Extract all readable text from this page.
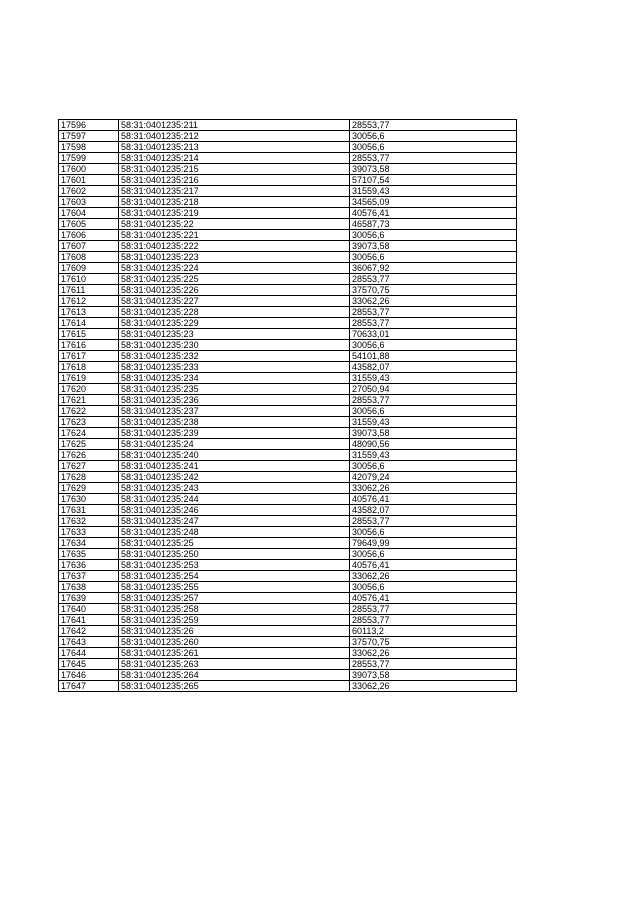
17596	58:31:0401235:211	28553,77
17597	58:31:0401235:212	30056,6
17598	58:31:0401235:213	30056,6
17599	58:31:0401235:214	28553,77
17600	58:31:0401235:215	39073,58
17601	58:31:0401235:216	57107,54
17602	58:31:0401235:217	31559,43
17603	58:31:0401235:218	34565,09
17604	58:31:0401235:219	40576,41
17605	58:31:0401235:22	46587,73
17606	58:31:0401235:221	30056,6
17607	58:31:0401235:222	39073,58
17608	58:31:0401235:223	30056,6
17609	58:31:0401235:224	36067,92
17610	58:31:0401235:225	28553,77
17611	58:31:0401235:226	37570,75
17612	58:31:0401235:227	33062,26
17613	58:31:0401235:228	28553,77
17614	58:31:0401235:229	28553,77
17615	58:31:0401235:23	70633,01
17616	58:31:0401235:230	30056,6
17617	58:31:0401235:232	54101,88
17618	58:31:0401235:233	43582,07
17619	58:31:0401235:234	31559,43
17620	58:31:0401235:235	27050,94
17621	58:31:0401235:236	28553,77
17622	58:31:0401235:237	30056,6
17623	58:31:0401235:238	31559,43
17624	58:31:0401235:239	39073,58
17625	58:31:0401235:24	48090,56
17626	58:31:0401235:240	31559,43
17627	58:31:0401235:241	30056,6
17628	58:31:0401235:242	42079,24
17629	58:31:0401235:243	33062,26
17630	58:31:0401235:244	40576,41
17631	58:31:0401235:246	43582,07
17632	58:31:0401235:247	28553,77
17633	58:31:0401235:248	30056,6
17634	58:31:0401235:25	79649,99
17635	58:31:0401235:250	30056,6
17636	58:31:0401235:253	40576,41
17637	58:31:0401235:254	33062,26
17638	58:31:0401235:255	30056,6
17639	58:31:0401235:257	40576,41
17640	58:31:0401235:258	28553,77
17641	58:31:0401235:259	28553,77
17642	58:31:0401235:26	60113,2
17643	58:31:0401235:260	37570,75
17644	58:31:0401235:261	33062,26
17645	58:31:0401235:263	28553,77
17646	58:31:0401235:264	39073,58
17647	58:31:0401235:265	33062,26
